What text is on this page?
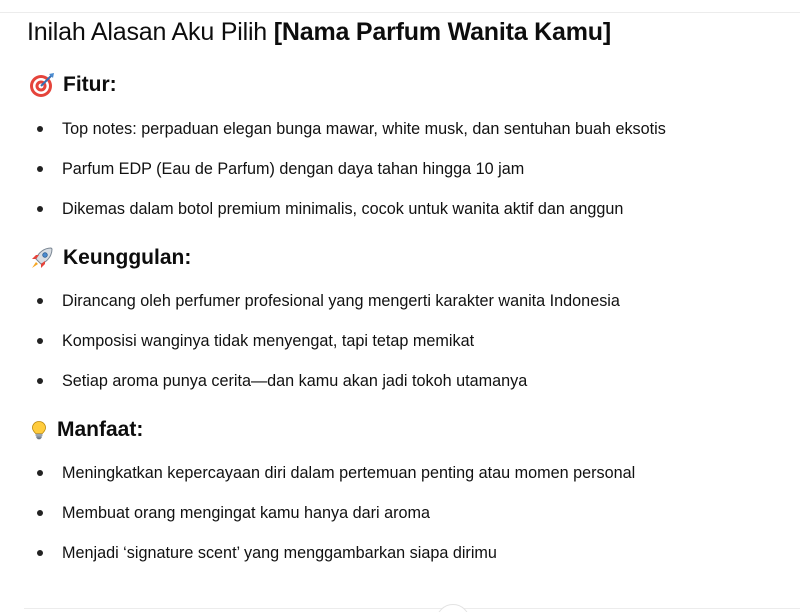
Inilah Alasan Aku Pilih [Nama Parfum Wanita Kamu]
Fitur:
Top notes: perpaduan elegan bunga mawar, white musk, dan sentuhan buah eksotis
Parfum EDP (Eau de Parfum) dengan daya tahan hingga 10 jam
Dikemas dalam botol premium minimalis, cocok untuk wanita aktif dan anggun
Keunggulan:
Dirancang oleh perfumer profesional yang mengerti karakter wanita Indonesia
Komposisi wanginya tidak menyengat, tapi tetap memikat
Setiap aroma punya cerita—dan kamu akan jadi tokoh utamanya
Manfaat:
Meningkatkan kepercayaan diri dalam pertemuan penting atau momen personal
Membuat orang mengingat kamu hanya dari aroma
Menjadi ‘signature scent’ yang menggambarkan siapa dirimu
